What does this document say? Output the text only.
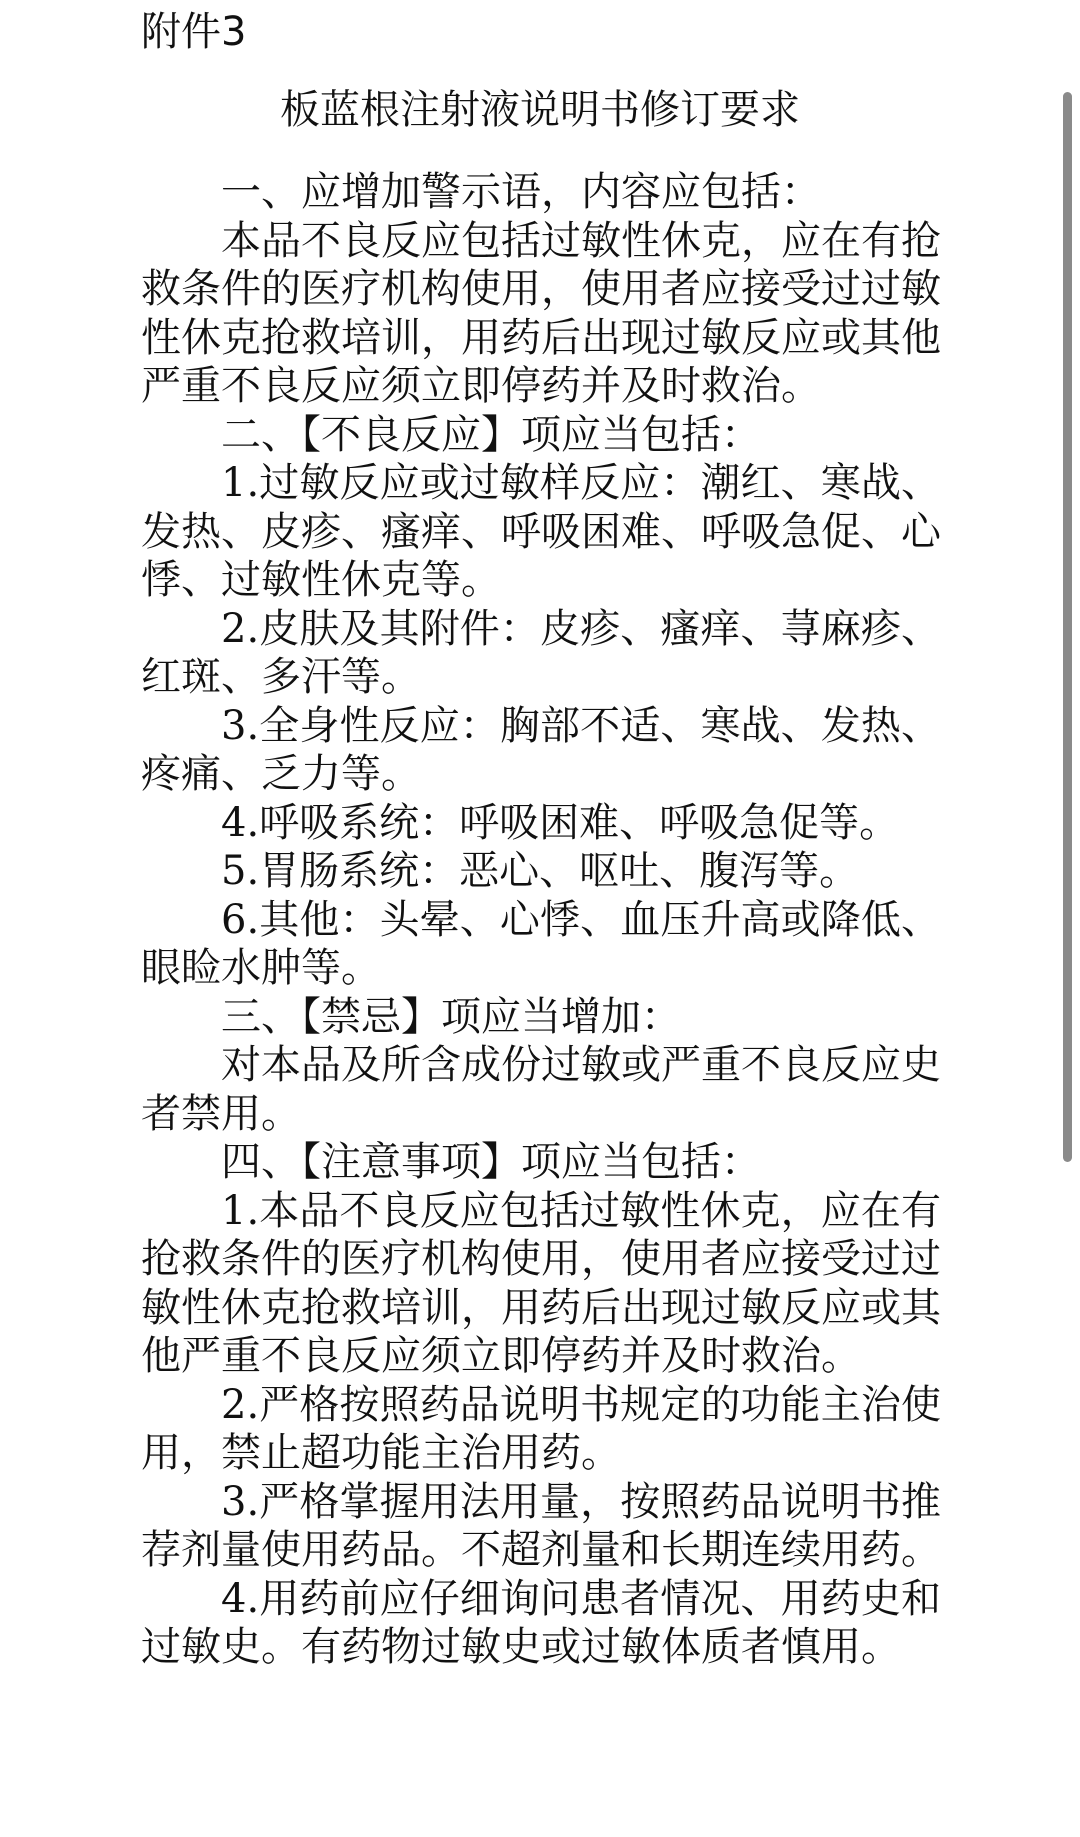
附件3
板蓝根注射液说明书修订要求

一、应增加警示语，内容应包括：

本品不良反应包括过敏性休克，应在有抢救条件的医疗机构使用，使用者应接受过过敏性休克抢救培训，用药后出现过敏反应或其他严重不良反应须立即停药并及时救治。

二、【不良反应】项应当包括：

1.过敏反应或过敏样反应：潮红、寒战、发热、皮疹、瘙痒、呼吸困难、呼吸急促、心悸、过敏性休克等。

2.皮肤及其附件：皮疹、瘙痒、荨麻疹、红斑、多汗等。

3.全身性反应：胸部不适、寒战、发热、疼痛、乏力等。

4.呼吸系统：呼吸困难、呼吸急促等。

5.胃肠系统：恶心、呕吐、腹泻等。

6.其他：头晕、心悸、血压升高或降低、眼睑水肿等。

三、【禁忌】项应当增加：

对本品及所含成份过敏或严重不良反应史者禁用。

四、【注意事项】项应当包括：

1.本品不良反应包括过敏性休克，应在有抢救条件的医疗机构使用，使用者应接受过过敏性休克抢救培训，用药后出现过敏反应或其他严重不良反应须立即停药并及时救治。

2.严格按照药品说明书规定的功能主治使用，禁止超功能主治用药。

3.严格掌握用法用量，按照药品说明书推荐剂量使用药品。不超剂量和长期连续用药。

4.用药前应仔细询问患者情况、用药史和过敏史。有药物过敏史或过敏体质者慎用。
